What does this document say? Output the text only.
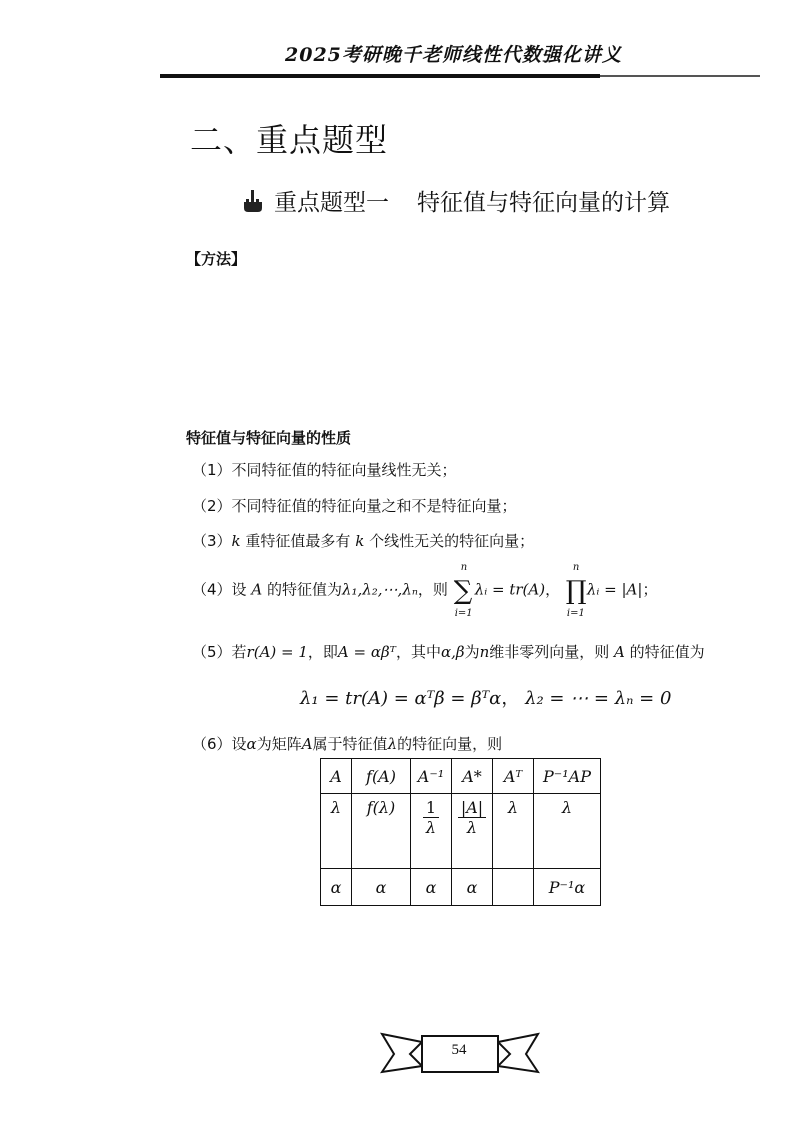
2025考研晚千老师线性代数强化讲义
二、重点题型
重点题型一 特征值与特征向量的计算
【方法】
特征值与特征向量的性质
（1）不同特征值的特征向量线性无关；
（2）不同特征值的特征向量之和不是特征向量；
（3）k 重特征值最多有 k 个线性无关的特征向量；
（4）设 A 的特征值为λ₁,λ₂,⋯,λₙ，则
n
∑
i=1
λᵢ = tr(A)，
n
∏
i=1
λᵢ = |A|；
（5）若r(A) = 1，即A = αβᵀ，其中α,β为n维非零列向量，则 A 的特征值为
λ₁ = tr(A) = αᵀβ = βᵀα， λ₂ = ⋯ = λₙ = 0
（6）设α为矩阵A属于特征值λ的特征向量，则
A	f(A)	A⁻¹	A*	Aᵀ	P⁻¹AP
λ	f(λ)	$\frac{1}{\lambda}$	$\frac{|A|}{\lambda}$	λ	λ
α	α	α	α		P⁻¹α
54
